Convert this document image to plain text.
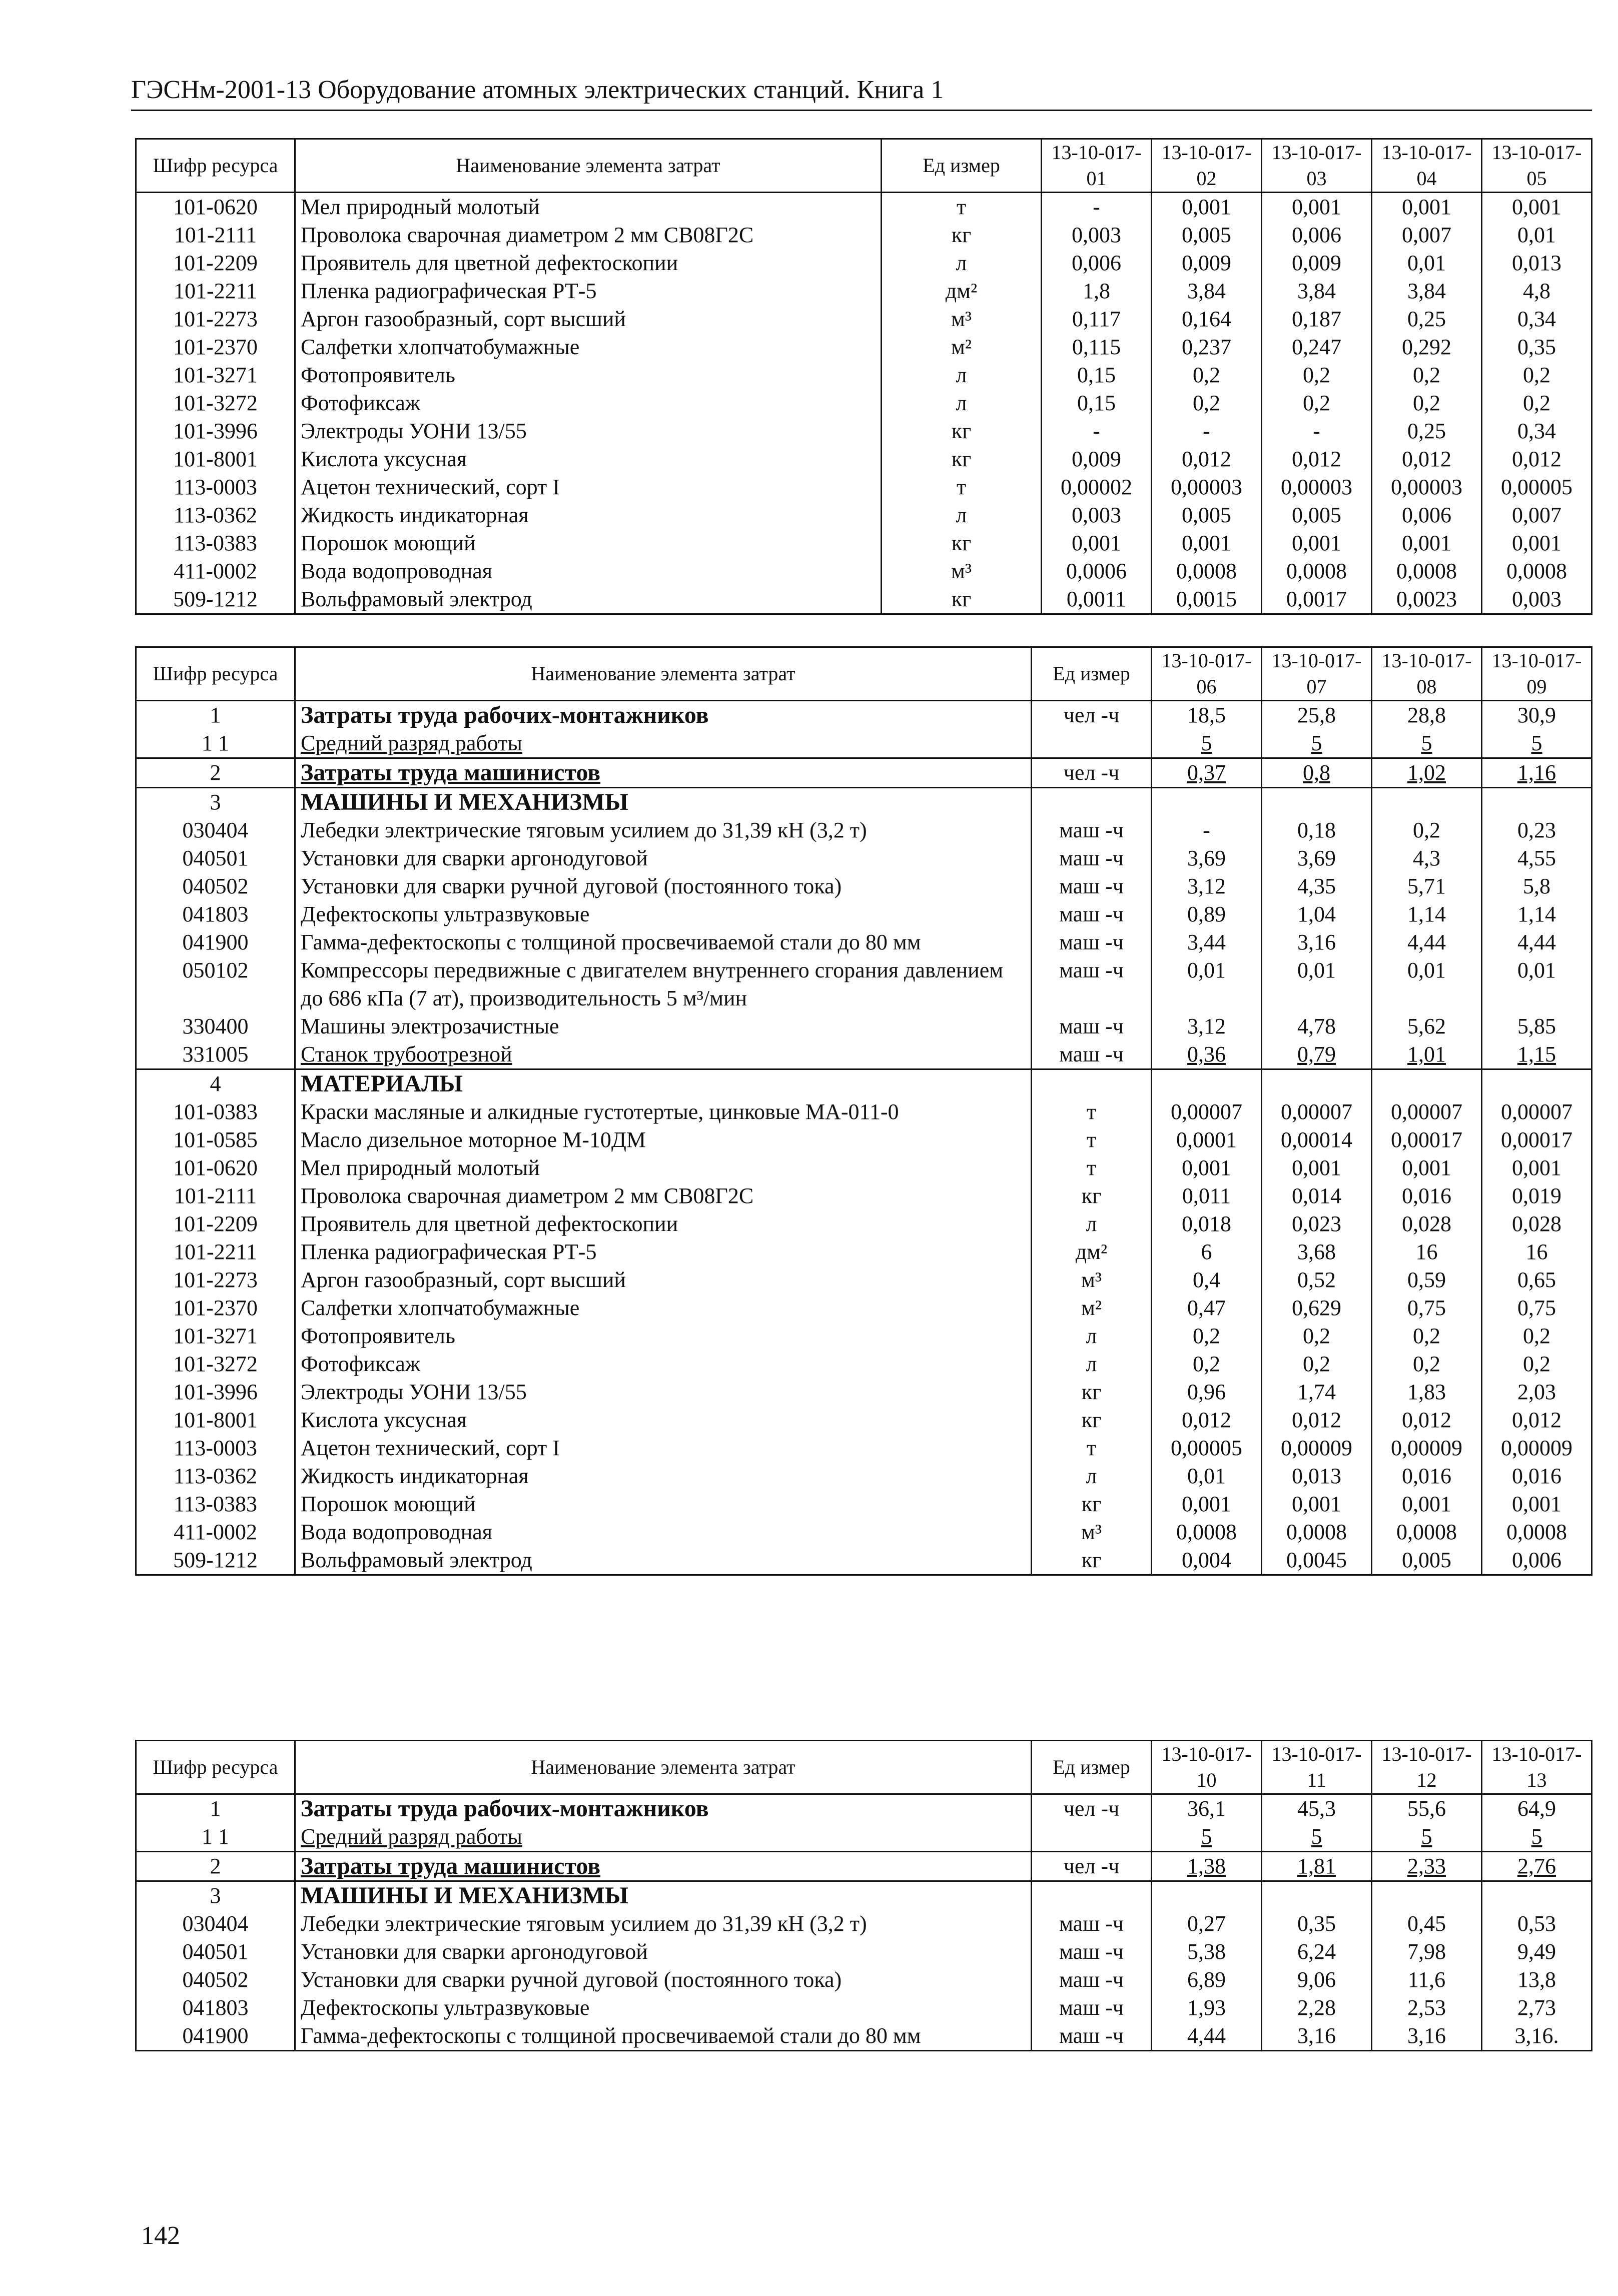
ГЭСНм-2001-13 Оборудование атомных электрических станций. Книга 1
Шифр ресурса	Наименование элемента затрат	Ед измер	13-10-017-01	13-10-017-02	13-10-017-03	13-10-017-04	13-10-017-05
101-0620	Мел природный молотый	т	-	0,001	0,001	0,001	0,001
101-2111	Проволока сварочная диаметром 2 мм СВ08Г2С	кг	0,003	0,005	0,006	0,007	0,01
101-2209	Проявитель для цветной дефектоскопии	л	0,006	0,009	0,009	0,01	0,013
101-2211	Пленка радиографическая РТ-5	дм²	1,8	3,84	3,84	3,84	4,8
101-2273	Аргон газообразный, сорт высший	м³	0,117	0,164	0,187	0,25	0,34
101-2370	Салфетки хлопчатобумажные	м²	0,115	0,237	0,247	0,292	0,35
101-3271	Фотопроявитель	л	0,15	0,2	0,2	0,2	0,2
101-3272	Фотофиксаж	л	0,15	0,2	0,2	0,2	0,2
101-3996	Электроды УОНИ 13/55	кг	-	-	-	0,25	0,34
101-8001	Кислота уксусная	кг	0,009	0,012	0,012	0,012	0,012
113-0003	Ацетон технический, сорт I	т	0,00002	0,00003	0,00003	0,00003	0,00005
113-0362	Жидкость индикаторная	л	0,003	0,005	0,005	0,006	0,007
113-0383	Порошок моющий	кг	0,001	0,001	0,001	0,001	0,001
411-0002	Вода водопроводная	м³	0,0006	0,0008	0,0008	0,0008	0,0008
509-1212	Вольфрамовый электрод	кг	0,0011	0,0015	0,0017	0,0023	0,003
Шифр ресурса	Наименование элемента затрат	Ед измер	13-10-017-06	13-10-017-07	13-10-017-08	13-10-017-09
1	Затраты труда рабочих-монтажников	чел -ч	18,5	25,8	28,8	30,9
1 1	Средний разряд работы		5	5	5	5
2	Затраты труда машинистов	чел -ч	0,37	0,8	1,02	1,16
3	МАШИНЫ И МЕХАНИЗМЫ					
030404	Лебедки электрические тяговым усилием до 31,39 кН (3,2 т)	маш -ч	-	0,18	0,2	0,23
040501	Установки для сварки аргонодуговой	маш -ч	3,69	3,69	4,3	4,55
040502	Установки для сварки ручной дуговой (постоянного тока)	маш -ч	3,12	4,35	5,71	5,8
041803	Дефектоскопы ультразвуковые	маш -ч	0,89	1,04	1,14	1,14
041900	Гамма-дефектоскопы с толщиной просвечиваемой стали до 80 мм	маш -ч	3,44	3,16	4,44	4,44
050102	Компрессоры передвижные с двигателем внутреннего сгорания давлением до 686 кПа (7 ат), производительность 5 м³/мин	маш -ч	0,01	0,01	0,01	0,01
330400	Машины электрозачистные	маш -ч	3,12	4,78	5,62	5,85
331005	Станок трубоотрезной	маш -ч	0,36	0,79	1,01	1,15
4	МАТЕРИАЛЫ					
101-0383	Краски масляные и алкидные густотертые, цинковые МА-011-0	т	0,00007	0,00007	0,00007	0,00007
101-0585	Масло дизельное моторное М-10ДМ	т	0,0001	0,00014	0,00017	0,00017
101-0620	Мел природный молотый	т	0,001	0,001	0,001	0,001
101-2111	Проволока сварочная диаметром 2 мм СВ08Г2С	кг	0,011	0,014	0,016	0,019
101-2209	Проявитель для цветной дефектоскопии	л	0,018	0,023	0,028	0,028
101-2211	Пленка радиографическая РТ-5	дм²	6	3,68	16	16
101-2273	Аргон газообразный, сорт высший	м³	0,4	0,52	0,59	0,65
101-2370	Салфетки хлопчатобумажные	м²	0,47	0,629	0,75	0,75
101-3271	Фотопроявитель	л	0,2	0,2	0,2	0,2
101-3272	Фотофиксаж	л	0,2	0,2	0,2	0,2
101-3996	Электроды УОНИ 13/55	кг	0,96	1,74	1,83	2,03
101-8001	Кислота уксусная	кг	0,012	0,012	0,012	0,012
113-0003	Ацетон технический, сорт I	т	0,00005	0,00009	0,00009	0,00009
113-0362	Жидкость индикаторная	л	0,01	0,013	0,016	0,016
113-0383	Порошок моющий	кг	0,001	0,001	0,001	0,001
411-0002	Вода водопроводная	м³	0,0008	0,0008	0,0008	0,0008
509-1212	Вольфрамовый электрод	кг	0,004	0,0045	0,005	0,006
Шифр ресурса	Наименование элемента затрат	Ед измер	13-10-017-10	13-10-017-11	13-10-017-12	13-10-017-13
1	Затраты труда рабочих-монтажников	чел -ч	36,1	45,3	55,6	64,9
1 1	Средний разряд работы		5	5	5	5
2	Затраты труда машинистов	чел -ч	1,38	1,81	2,33	2,76
3	МАШИНЫ И МЕХАНИЗМЫ					
030404	Лебедки электрические тяговым усилием до 31,39 кН (3,2 т)	маш -ч	0,27	0,35	0,45	0,53
040501	Установки для сварки аргонодуговой	маш -ч	5,38	6,24	7,98	9,49
040502	Установки для сварки ручной дуговой (постоянного тока)	маш -ч	6,89	9,06	11,6	13,8
041803	Дефектоскопы ультразвуковые	маш -ч	1,93	2,28	2,53	2,73
041900	Гамма-дефектоскопы с толщиной просвечиваемой стали до 80 мм	маш -ч	4,44	3,16	3,16	3,16.
142
